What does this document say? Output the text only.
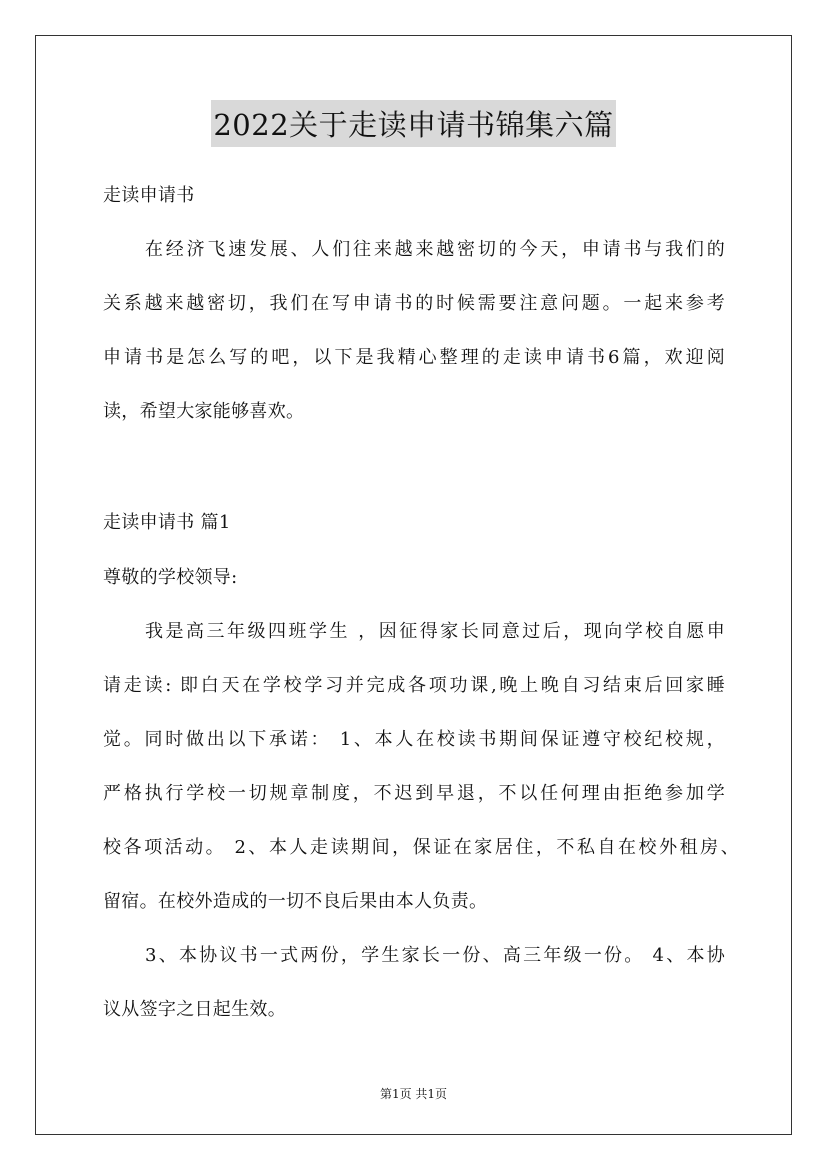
2022关于走读申请书锦集六篇
走读申请书
在经济飞速发展、人们往来越来越密切的今天，申请书与我们的
关系越来越密切，我们在写申请书的时候需要注意问题。一起来参考
申请书是怎么写的吧，以下是我精心整理的走读申请书6篇，欢迎阅
读，希望大家能够喜欢。
走读申请书 篇1
尊敬的学校领导:
我是高三年级四班学生 ，因征得家长同意过后，现向学校自愿申
请走读: 即白天在学校学习并完成各项功课,晚上晚自习结束后回家睡
觉。同时做出以下承诺： 1、本人在校读书期间保证遵守校纪校规，
严格执行学校一切规章制度，不迟到早退，不以任何理由拒绝参加学
校各项活动。 2、本人走读期间，保证在家居住，不私自在校外租房、
留宿。在校外造成的一切不良后果由本人负责。
3、本协议书一式两份，学生家长一份、高三年级一份。 4、本协
议从签字之日起生效。
第1页 共1页
